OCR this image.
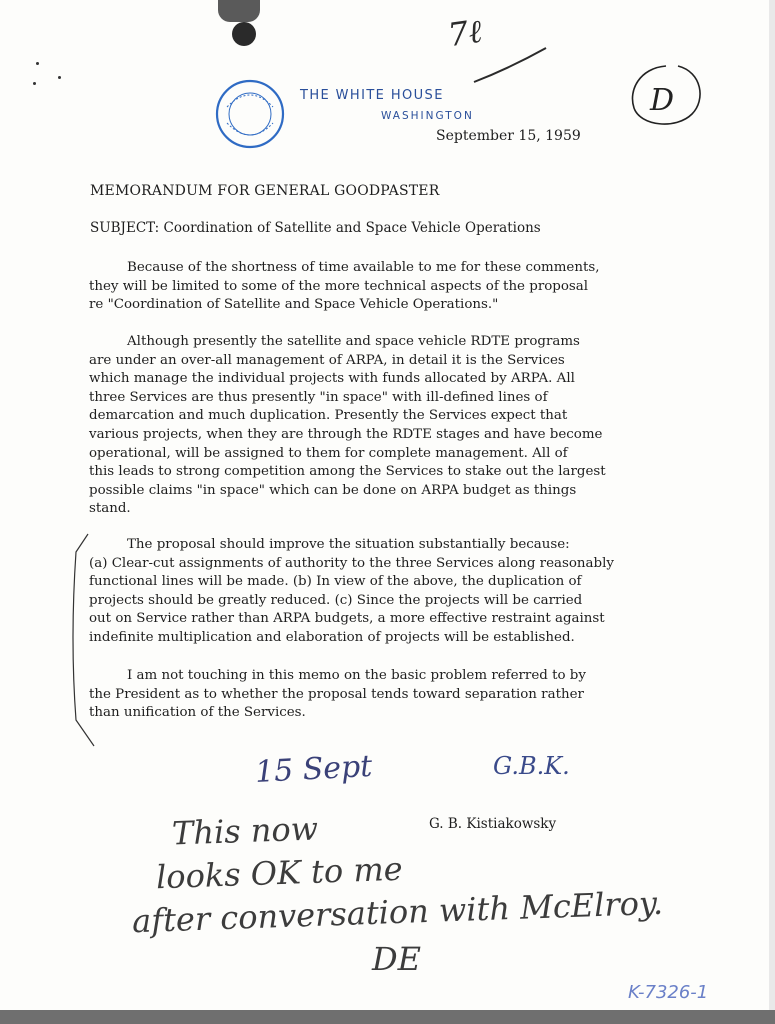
THE WHITE HOUSE
WASHINGTON
September 15, 1959
7ℓ
D
MEMORANDUM FOR GENERAL GOODPASTER
SUBJECT: Coordination of Satellite and Space Vehicle Operations
Because of the shortness of time available to me for these comments,
they will be limited to some of the more technical aspects of the proposal
re "Coordination of Satellite and Space Vehicle Operations."
Although presently the satellite and space vehicle RDTE programs
are under an over-all management of ARPA, in detail it is the Services
which manage the individual projects with funds allocated by ARPA. All
three Services are thus presently "in space" with ill-defined lines of
demarcation and much duplication. Presently the Services expect that
various projects, when they are through the RDTE stages and have become
operational, will be assigned to them for complete management. All of
this leads to strong competition among the Services to stake out the largest
possible claims "in space" which can be done on ARPA budget as things
stand.
The proposal should improve the situation substantially because:
(a) Clear-cut assignments of authority to the three Services along reasonably
functional lines will be made. (b) In view of the above, the duplication of
projects should be greatly reduced. (c) Since the projects will be carried
out on Service rather than ARPA budgets, a more effective restraint against
indefinite multiplication and elaboration of projects will be established.
I am not touching in this memo on the basic problem referred to by
the President as to whether the proposal tends toward separation rather
than unification of the Services.
15 Sept	G.B.K.
G. B. Kistiakowsky
This now
looks OK to me
after conversation with McElroy.
DE
K-7326-1
